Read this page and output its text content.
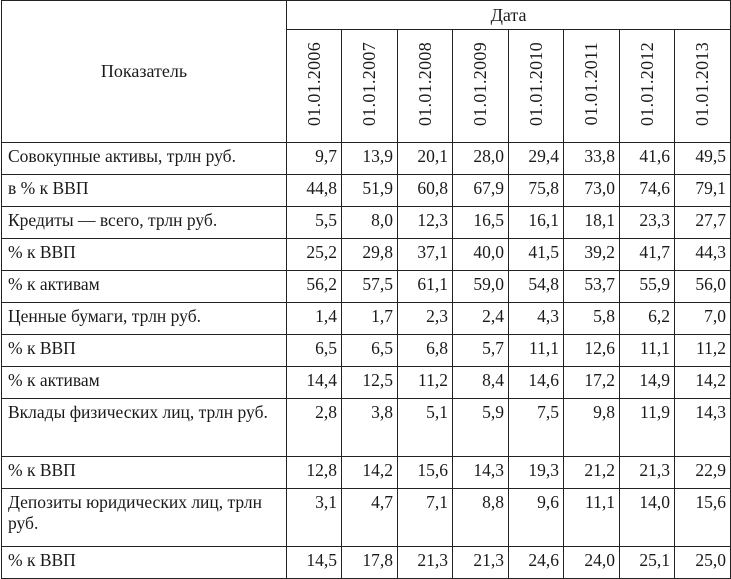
Показатель	Дата							
	01.01.2006	01.01.2007	01.01.2008	01.01.2009	01.01.2010	01.01.2011	01.01.2012	01.01.2013
Совокупные активы, трлн руб.	9,7	13,9	20,1	28,0	29,4	33,8	41,6	49,5
в % к ВВП	44,8	51,9	60,8	67,9	75,8	73,0	74,6	79,1
Кредиты — всего, трлн руб.	5,5	8,0	12,3	16,5	16,1	18,1	23,3	27,7
% к ВВП	25,2	29,8	37,1	40,0	41,5	39,2	41,7	44,3
% к активам	56,2	57,5	61,1	59,0	54,8	53,7	55,9	56,0
Ценные бумаги, трлн руб.	1,4	1,7	2,3	2,4	4,3	5,8	6,2	7,0
% к ВВП	6,5	6,5	6,8	5,7	11,1	12,6	11,1	11,2
% к активам	14,4	12,5	11,2	8,4	14,6	17,2	14,9	14,2
Вклады физических лиц, трлн руб.	2,8	3,8	5,1	5,9	7,5	9,8	11,9	14,3
% к ВВП	12,8	14,2	15,6	14,3	19,3	21,2	21,3	22,9
Депозиты юридических лиц, трлн руб.	3,1	4,7	7,1	8,8	9,6	11,1	14,0	15,6
% к ВВП	14,5	17,8	21,3	21,3	24,6	24,0	25,1	25,0
